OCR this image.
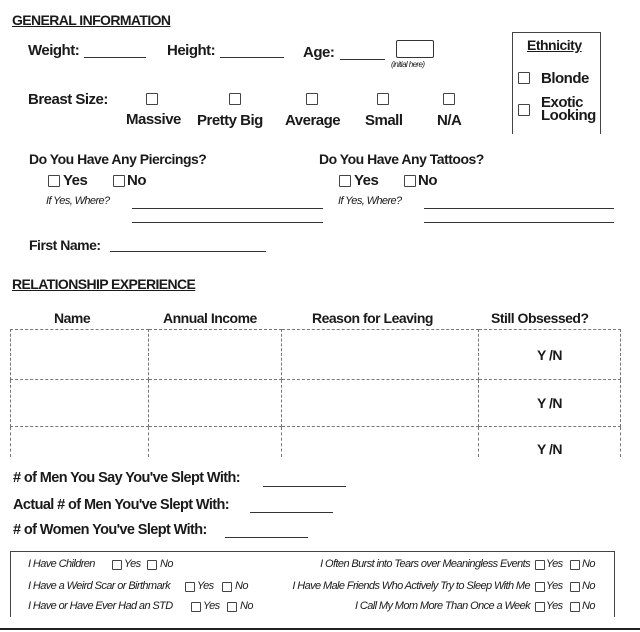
GENERAL INFORMATION
Weight:	Height:	Age:
(initial here)
Breast Size:
Massive Pretty Big Average Small N/A
Ethnicity
Blonde
Exotic
Looking
Do You Have Any Piercings?
Yes	No
If Yes, Where?
Do You Have Any Tattoos?
Yes	No
If Yes, Where?
First Name:
RELATIONSHIP EXPERIENCE
Name	Annual Income	Reason for Leaving	Still Obsessed?
			Y /N
			Y /N
			Y /N
# of Men You Say You've Slept With:
Actual # of Men You've Slept With:
# of Women You've Slept With:
I Have Children	Yes No
I Have a Weird Scar or Birthmark Yes No
I Have or Have Ever Had an STD	Yes No
I Often Burst into Tears over Meaningless Events Yes No
I Have Male Friends Who Actively Try to Sleep With Me Yes No
I Call My Mom More Than Once a Week Yes No
